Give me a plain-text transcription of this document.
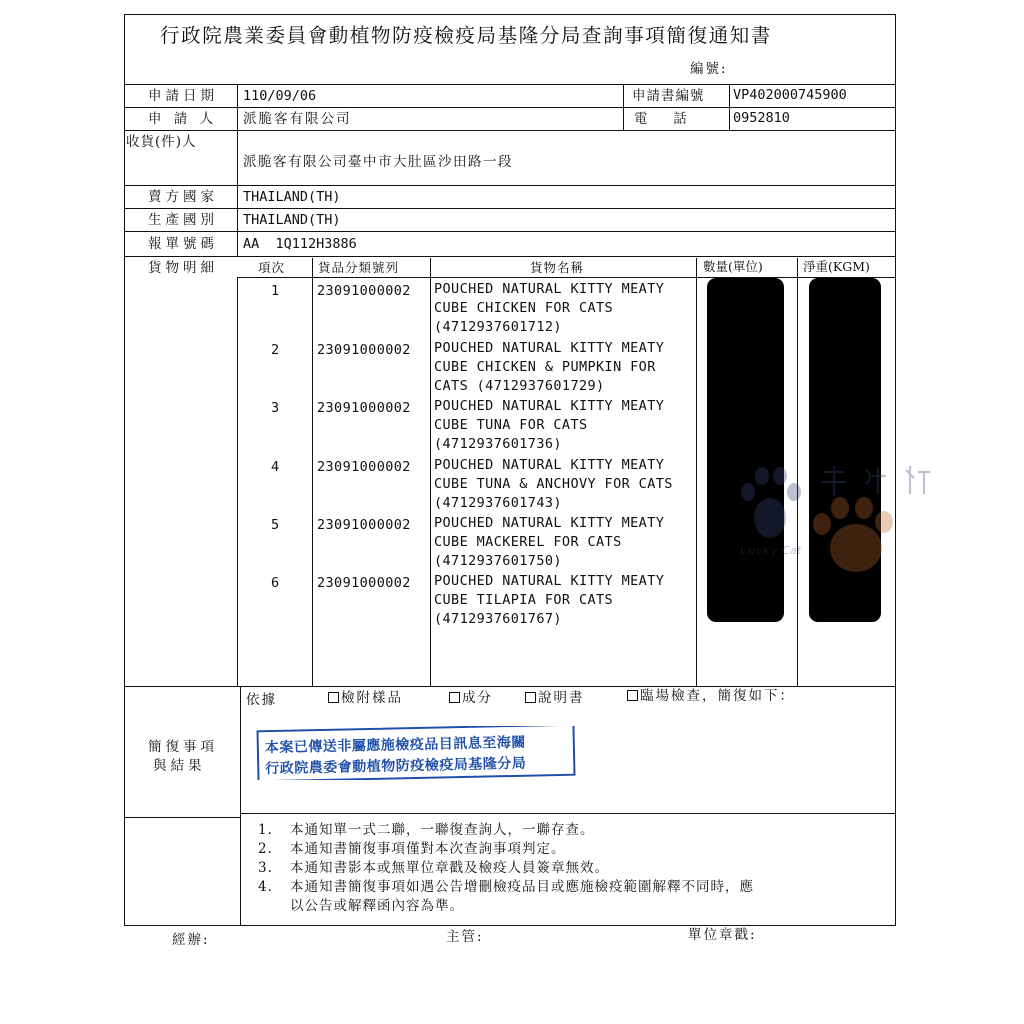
行政院農業委員會動植物防疫檢疫局基隆分局查詢事項簡復通知書
編號:
申請日期 110/09/06	申請書編號 VP402000745900
申 請 人 派脆客有限公司	電      話	0952810
收貨(件)人
派脆客有限公司臺中市大肚區沙田路一段
賣方國家 THAILAND(TH)
生產國別 THAILAND(TH)
報單號碼 AA  1Q112H3886
貨物明細	項次	貨品分類號列	貨物名稱	數量(單位)	淨重(KGM)
1	23091000002 POUCHED NATURAL KITTY MEATY
CUBE CHICKEN FOR CATS
(4712937601712)
2	23091000002 POUCHED NATURAL KITTY MEATY
CUBE CHICKEN & PUMPKIN FOR
CATS (4712937601729)
3	23091000002 POUCHED NATURAL KITTY MEATY
CUBE TUNA FOR CATS
(4712937601736)
4	23091000002 POUCHED NATURAL KITTY MEATY
CUBE TUNA & ANCHOVY FOR CATS
(4712937601743)
5	23091000002 POUCHED NATURAL KITTY MEATY
CUBE MACKEREL FOR CATS
(4712937601750)
6	23091000002 POUCHED NATURAL KITTY MEATY
CUBE TILAPIA FOR CATS
(4712937601767)
L u c k y C a t
簡復事項
與結果
依據	檢附樣品	成分	說明書	臨場檢查，簡復如下：
本案已傳送非屬應施檢疫品目訊息至海關
行政院農委會動植物防疫檢疫局基隆分局
1. 本通知單一式二聯，一聯復查詢人，一聯存查。
2. 本通知書簡復事項僅對本次查詢事項判定。
3. 本通知書影本或無單位章戳及檢疫人員簽章無效。
4. 本通知書簡復事項如遇公告增刪檢疫品目或應施檢疫範圍解釋不同時，應
以公告或解釋函內容為準。
經辦:	主管:	單位章戳:
